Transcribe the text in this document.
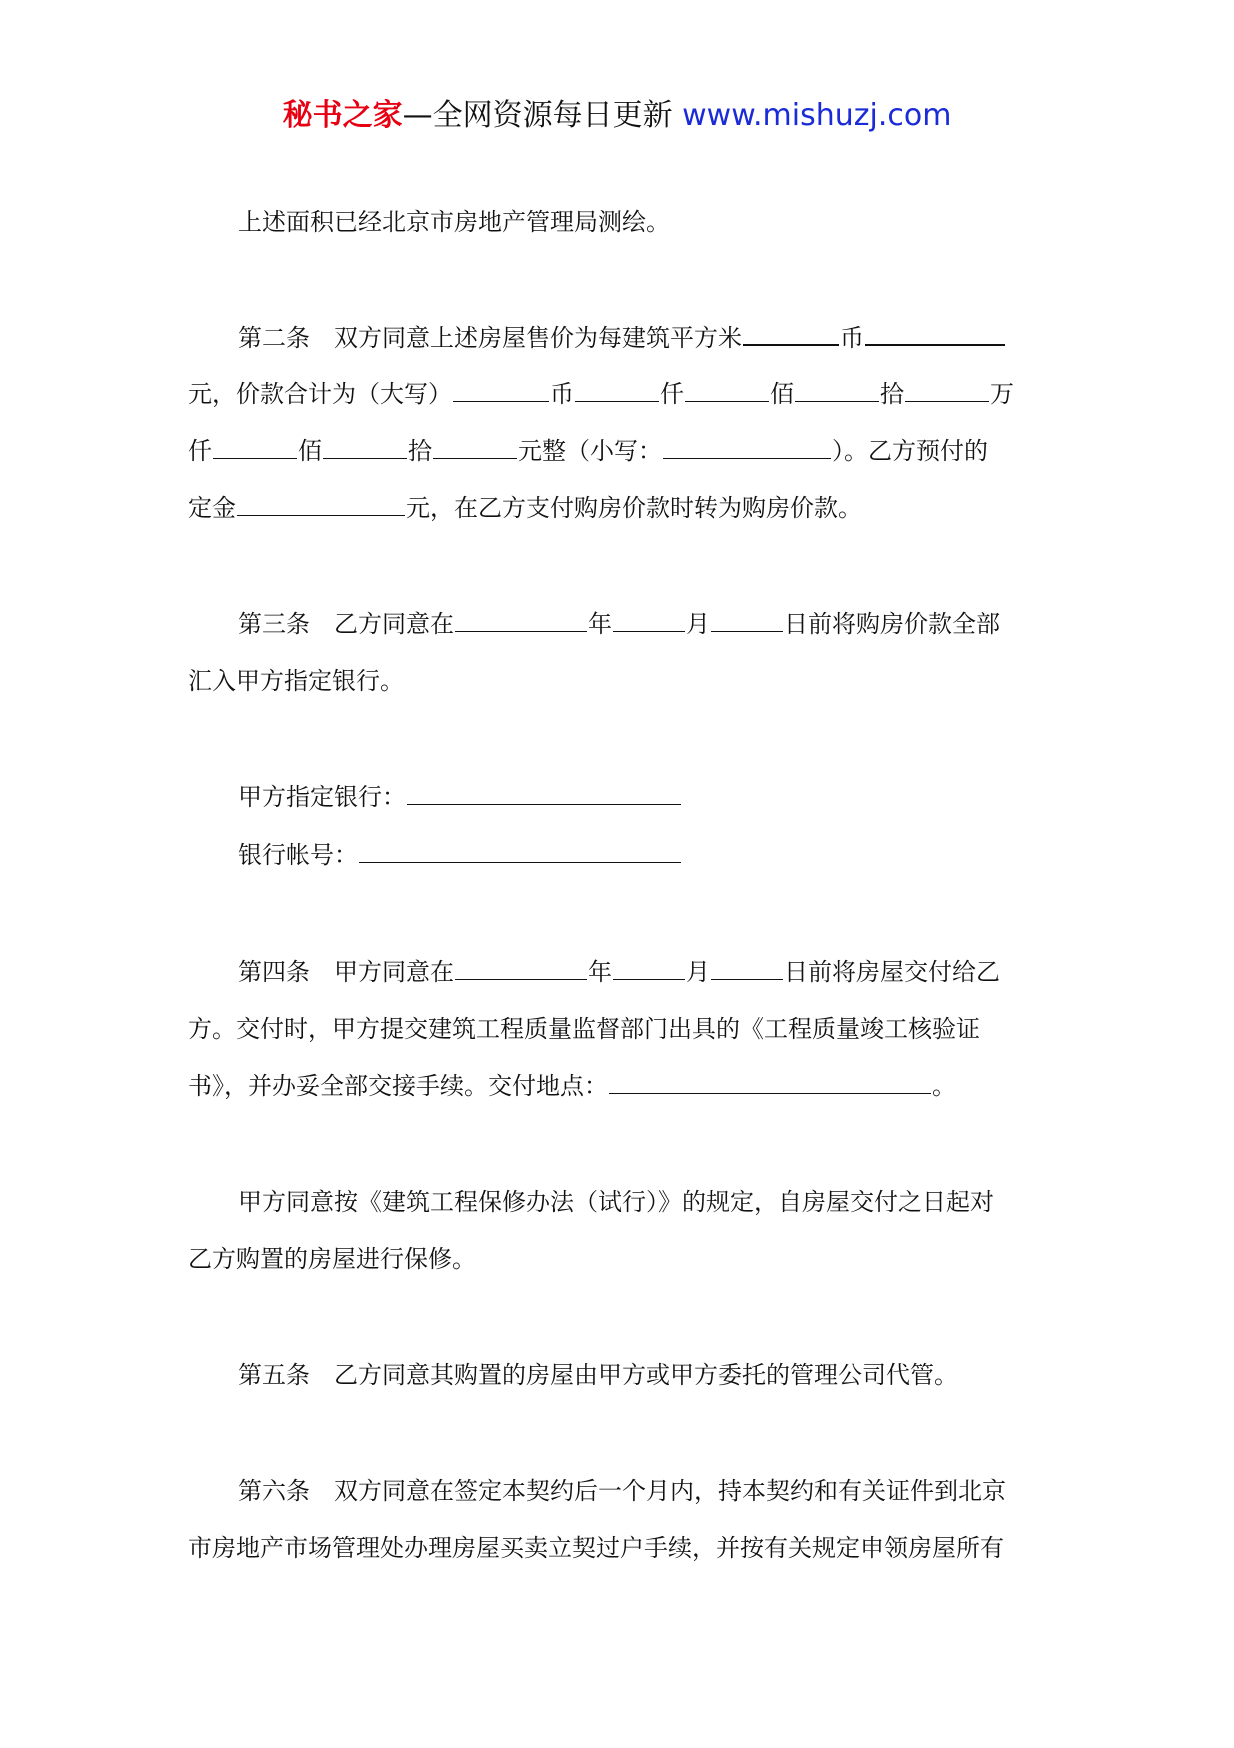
秘书之家—全网资源每日更新 www.mishuzj.com
上述面积已经北京市房地产管理局测绘。
第二条　双方同意上述房屋售价为每建筑平方米	币
元，价款合计为（大写）	币	仟	佰	拾	万
仟	佰	拾	元整（小写：	）。乙方预付的
定金	元，在乙方支付购房价款时转为购房价款。
第三条　乙方同意在	年	月	日前将购房价款全部
汇入甲方指定银行。
甲方指定银行：
银行帐号：
第四条　甲方同意在	年	月	日前将房屋交付给乙
方。交付时，甲方提交建筑工程质量监督部门出具的《工程质量竣工核验证
书》，并办妥全部交接手续。交付地点：	。
甲方同意按《建筑工程保修办法（试行）》的规定，自房屋交付之日起对
乙方购置的房屋进行保修。
第五条　乙方同意其购置的房屋由甲方或甲方委托的管理公司代管。
第六条　双方同意在签定本契约后一个月内，持本契约和有关证件到北京
市房地产市场管理处办理房屋买卖立契过户手续，并按有关规定申领房屋所有
